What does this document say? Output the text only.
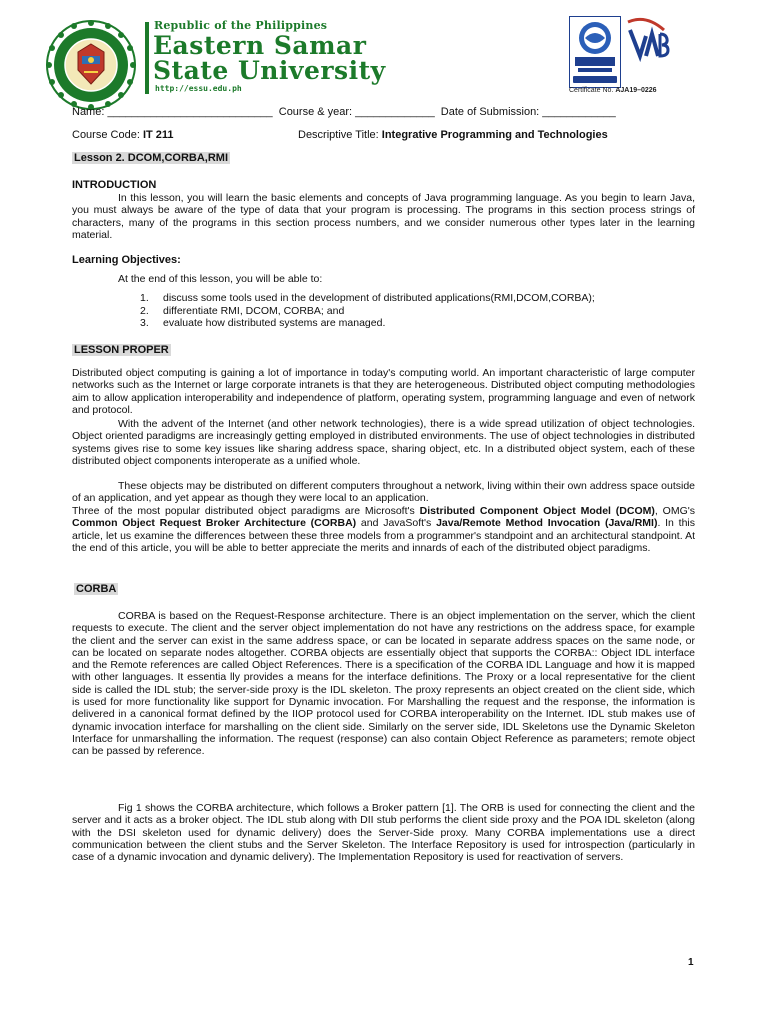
Republic of the Philippines
Eastern Samar
State University
http://essu.edu.ph	Certificate No. AJA19–0226
Name: ___________________________  Course & year: _____________  Date of Submission: ____________
Course Code: IT 211	Descriptive Title: Integrative Programming and Technologies
Lesson 2. DCOM,CORBA,RMI
INTRODUCTION

In this lesson, you will learn the basic elements and concepts of Java programming language. As you begin to learn Java, you must always be aware of the type of data that your program is processing. The programs in this section process strings of characters, many of the programs in this section process numbers, and we consider numerous other types later in the learning material.

Learning Objectives:
At the end of this lesson, you will be able to:
1.	discuss some tools used in the development of distributed applications(RMI,DCOM,CORBA);
2.	differentiate RMI, DCOM, CORBA; and
3.	evaluate how distributed systems are managed.
LESSON PROPER

Distributed object computing is gaining a lot of importance in today's computing world. An important characteristic of large computer networks such as the Internet or large corporate intranets is that they are heterogeneous. Distributed object computing methodologies aim to allow application interoperability and independence of platform, operating system, programming language and even of network and protocol.

With the advent of the Internet (and other network technologies), there is a wide spread utilization of object technologies. Object oriented paradigms are increasingly getting employed in distributed environments. The use of object technologies in distributed systems gives rise to some key issues like sharing address space, sharing object, etc. In a distributed object system, each of these distributed object components interoperate as a unified whole.

These objects may be distributed on different computers throughout a network, living within their own address space outside of an application, and yet appear as though they were local to an application.

Three of the most popular distributed object paradigms are Microsoft's Distributed Component Object Model (DCOM), OMG's Common Object Request Broker Architecture (CORBA) and JavaSoft's Java/Remote Method Invocation (Java/RMI). In this article, let us examine the differences between these three models from a programmer's standpoint and an architectural standpoint. At the end of this article, you will be able to better appreciate the merits and innards of each of the distributed object paradigms.

CORBA

CORBA is based on the Request-Response architecture. There is an object implementation on the server, which the client requests to execute. The client and the server object implementation do not have any restrictions on the address space, for example the client and the server can exist in the same address space, or can be located in separate address spaces on the same node, or can be located on separate nodes altogether. CORBA objects are essentially object that supports the CORBA:: Object IDL interface and the Remote references are called Object References. There is a specification of the CORBA IDL Language and how it is mapped with other languages. It essentia lly provides a means for the interface definitions. The Proxy or a local representative for the client side is called the IDL stub; the server-side proxy is the IDL skeleton. The proxy represents an object created on the client side, which is used for more functionality like support for Dynamic invocation. For Marshalling the request and the response, the information is delivered in a canonical format defined by the IIOP protocol used for CORBA interoperability on the Internet. IDL stub makes use of dynamic invocation interface for marshalling on the client side. Similarly on the server side, IDL Skeletons use the Dynamic Skeleton Interface for unmarshalling the information. The request (response) can also contain Object Reference as parameters; remote object can be passed by reference.

Fig 1 shows the CORBA architecture, which follows a Broker pattern [1]. The ORB is used for connecting the client and the server and it acts as a broker object. The IDL stub along with DII stub performs the client side proxy and the POA IDL skeleton (along with the DSI skeleton used for dynamic delivery) does the Server-Side proxy. Many CORBA implementations use a direct communication between the client stubs and the Server Skeleton. The Interface Repository is used for introspection (particularly in case of a dynamic invocation and dynamic delivery). The Implementation Repository is used for reactivation of servers.

1
